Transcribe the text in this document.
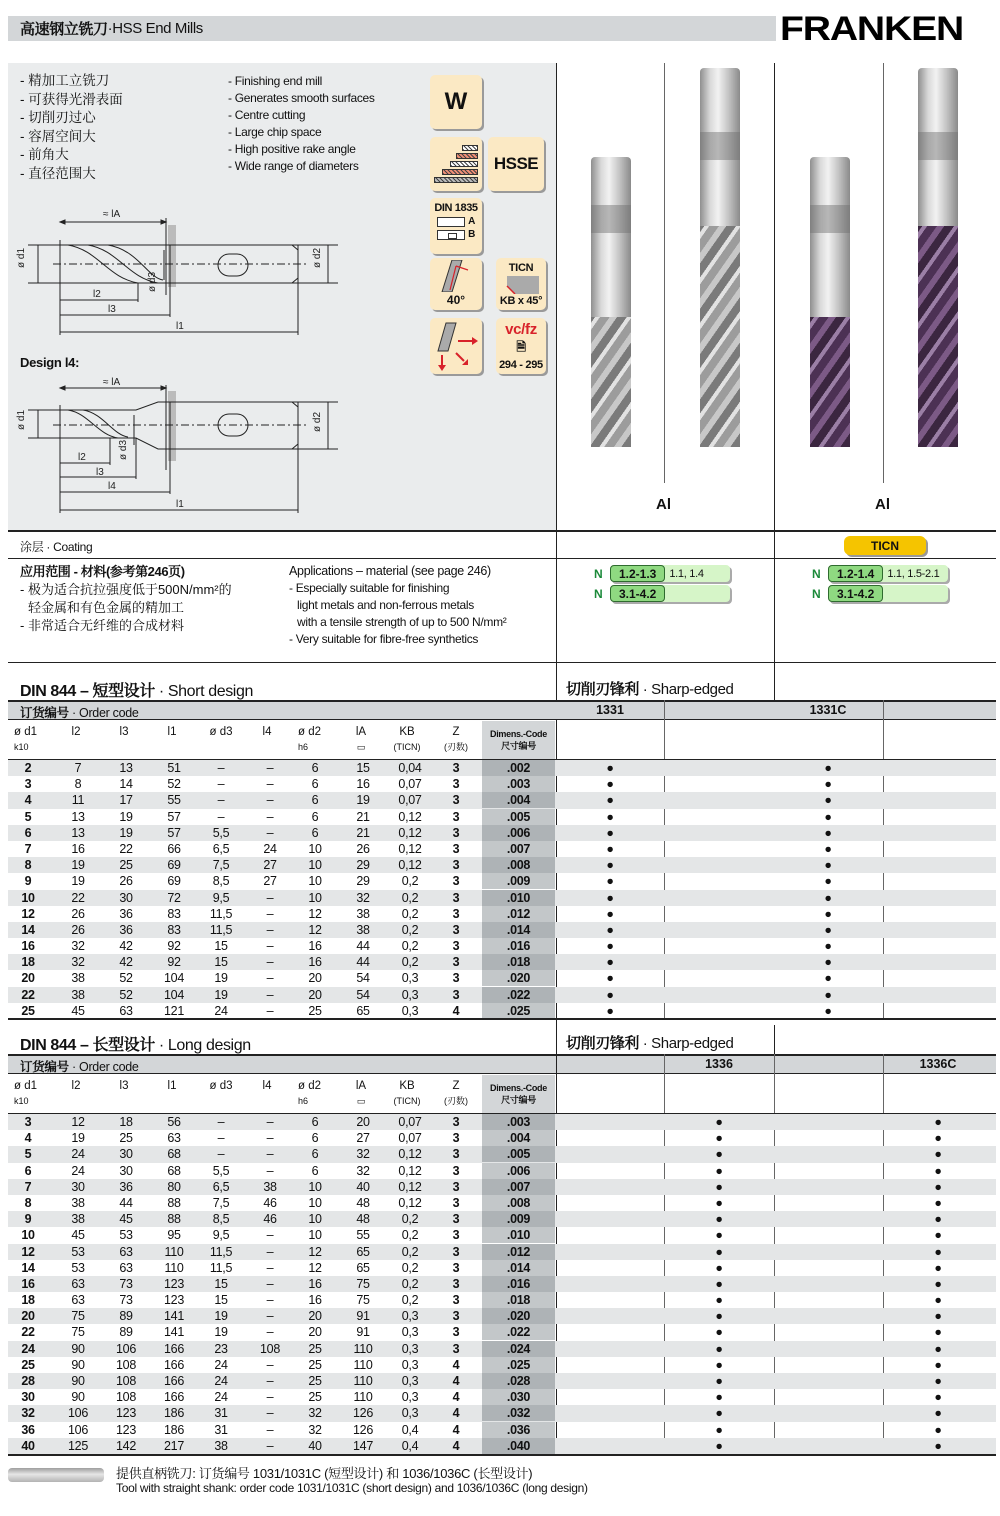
高速钢立铣刀 · HSS End Mills	FRANKEN
- 精加工立铣刀
- 可获得光滑表面
- 切削刃过心
- 容屑空间大
- 前角大
- 直径范围大
- Finishing end mill
- Generates smooth surfaces
- Centre cutting
- Large chip space
- High positive rake angle
- Wide range of diameters
W
HSSE
DIN 1835
A
B
40°
TICN
KB x 45°
vc/fz
🗎
294 - 295
≈ lA
ø d1	ø d2
ø d3
l2
l3
l1
Design l4:
≈ lA
ø d1	ø d2
ø d3
l2
l3
l4
l1	Al	Al
涂层 · Coating	TICN
应用范围 - 材料(参考第246页)
- 极为适合抗拉强度低于500N/mm²的
轻金属和有色金属的精加工
- 非常适合无纤维的合成材料
Applications – material (see page 246)
- Especially suitable for finishing
light metals and non-ferrous metals
with a tensile strength of up to 500 N/mm²
- Very suitable for fibre-free synthetics
N	1.2-1.3	1.1, 1.4
N	3.1-4.2
N	1.2-1.4	1.1, 1.5-2.1
N	3.1-4.2
DIN 844 – 短型设计 · Short design	切削刃锋利 · Sharp-edged
订货编号 · Order code	1331	1331C
ø d1
k10
l2	l3	l1	ø d3	l4	ø d2
h6
lA
▭
KB
(TICN)
Z
(刃数)
Dimens.-Code
尺寸编号
2	7	13	51	–	–	6	15	0,04	3	.002	●	●
3	8	14	52	–	–	6	16	0,07	3	.003	●	●
4	11	17	55	–	–	6	19	0,07	3	.004	●	●
5	13	19	57	–	–	6	21	0,12	3	.005	●	●
6	13	19	57	5,5	–	6	21	0,12	3	.006	●	●
7	16	22	66	6,5	24	10	26	0,12	3	.007	●	●
8	19	25	69	7,5	27	10	29	0,12	3	.008	●	●
9	19	26	69	8,5	27	10	29	0,2	3	.009	●	●
10	22	30	72	9,5	–	10	32	0,2	3	.010	●	●
12	26	36	83	11,5	–	12	38	0,2	3	.012	●	●
14	26	36	83	11,5	–	12	38	0,2	3	.014	●	●
16	32	42	92	15	–	16	44	0,2	3	.016	●	●
18	32	42	92	15	–	16	44	0,2	3	.018	●	●
20	38	52	104	19	–	20	54	0,3	3	.020	●	●
22	38	52	104	19	–	20	54	0,3	3	.022	●	●
25	45	63	121	24	–	25	65	0,3	4	.025	●	●
DIN 844 – 长型设计 · Long design	切削刃锋利 · Sharp-edged
订货编号 · Order code	1336	1336C
ø d1
k10
l2	l3	l1	ø d3	l4	ø d2
h6
lA
▭
KB
(TICN)
Z
(刃数)
Dimens.-Code
尺寸编号
3	12	18	56	–	–	6	20	0,07	3	.003	●	●
4	19	25	63	–	–	6	27	0,07	3	.004	●	●
5	24	30	68	–	–	6	32	0,12	3	.005	●	●
6	24	30	68	5,5	–	6	32	0,12	3	.006	●	●
7	30	36	80	6,5	38	10	40	0,12	3	.007	●	●
8	38	44	88	7,5	46	10	48	0,12	3	.008	●	●
9	38	45	88	8,5	46	10	48	0,2	3	.009	●	●
10	45	53	95	9,5	–	10	55	0,2	3	.010	●	●
12	53	63	110	11,5	–	12	65	0,2	3	.012	●	●
14	53	63	110	11,5	–	12	65	0,2	3	.014	●	●
16	63	73	123	15	–	16	75	0,2	3	.016	●	●
18	63	73	123	15	–	16	75	0,2	3	.018	●	●
20	75	89	141	19	–	20	91	0,3	3	.020	●	●
22	75	89	141	19	–	20	91	0,3	3	.022	●	●
24	90	106	166	23	108	25	110	0,3	3	.024	●	●
25	90	108	166	24	–	25	110	0,3	4	.025	●	●
28	90	108	166	24	–	25	110	0,3	4	.028	●	●
30	90	108	166	24	–	25	110	0,3	4	.030	●	●
32	106	123	186	31	–	32	126	0,3	4	.032	●	●
36	106	123	186	31	–	32	126	0,4	4	.036	●	●
40	125	142	217	38	–	40	147	0,4	4	.040	●	●
提供直柄铣刀: 订货编号 1031/1031C (短型设计) 和 1036/1036C (长型设计)
Tool with straight shank: order code 1031/1031C (short design) and 1036/1036C (long design)
